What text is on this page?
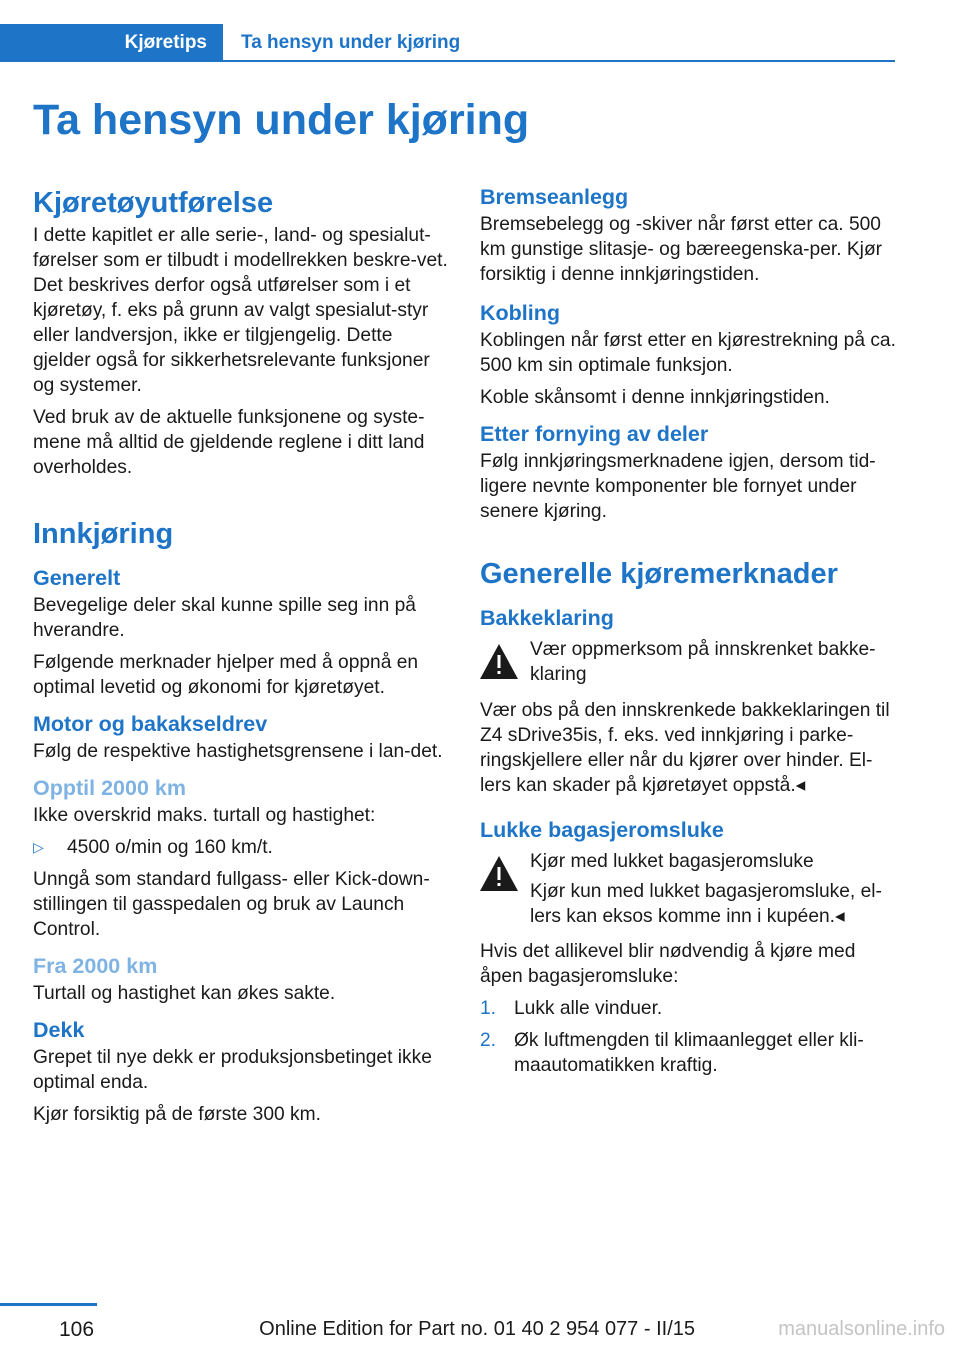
Kjøretips	Ta hensyn under kjøring
Ta hensyn under kjøring
Kjøretøyutførelse

I dette kapitlet er alle serie-, land- og spesialut-førelser som er tilbudt i modellrekken beskre-vet. Det beskrives derfor også utførelser som i et kjøretøy, f. eks på grunn av valgt spesialut-styr eller landversjon, ikke er tilgjengelig. Dette gjelder også for sikkerhetsrelevante funksjoner og systemer.

Ved bruk av de aktuelle funksjonene og syste-mene må alltid de gjeldende reglene i ditt land overholdes.

Innkjøring
Generelt

Bevegelige deler skal kunne spille seg inn på hverandre.

Følgende merknader hjelper med å oppnå en optimal levetid og økonomi for kjøretøyet.

Motor og bakakseldrev

Følg de respektive hastighetsgrensene i lan-det.

Opptil 2000 km

Ikke overskrid maks. turtall og hastighet:

▷	4500 o/min og 160 km/t.

Unngå som standard fullgass- eller Kick-down-stillingen til gasspedalen og bruk av Launch Control.

Fra 2000 km

Turtall og hastighet kan økes sakte.

Dekk

Grepet til nye dekk er produksjonsbetinget ikke optimal enda.

Kjør forsiktig på de første 300 km.

Bremseanlegg

Bremsebelegg og -skiver når først etter ca. 500 km gunstige slitasje- og bæreegenska-per. Kjør forsiktig i denne innkjøringstiden.

Kobling

Koblingen når først etter en kjørestrekning på ca. 500 km sin optimale funksjon.

Koble skånsomt i denne innkjøringstiden.

Etter fornying av deler

Følg innkjøringsmerknadene igjen, dersom tid-ligere nevnte komponenter ble fornyet under senere kjøring.

Generelle kjøremerknader
Bakkeklaring

Vær oppmerksom på innskrenket bakke-klaring

Vær obs på den innskrenkede bakkeklaringen til Z4 sDrive35is, f. eks. ved innkjøring i parke-ringskjellere eller når du kjører over hinder. El-lers kan skader på kjøretøyet oppstå.◂

Lukke bagasjeromsluke

Kjør med lukket bagasjeromsluke

Kjør kun med lukket bagasjeromsluke, el-lers kan eksos komme inn i kupéen.◂

Hvis det allikevel blir nødvendig å kjøre med åpen bagasjeromsluke:

1. Lukk alle vinduer.
2. Øk luftmengden til klimaanlegget eller kli-maautomatikken kraftig.
106	Online Edition for Part no. 01 40 2 954 077 - II/15	manualsonline.info
